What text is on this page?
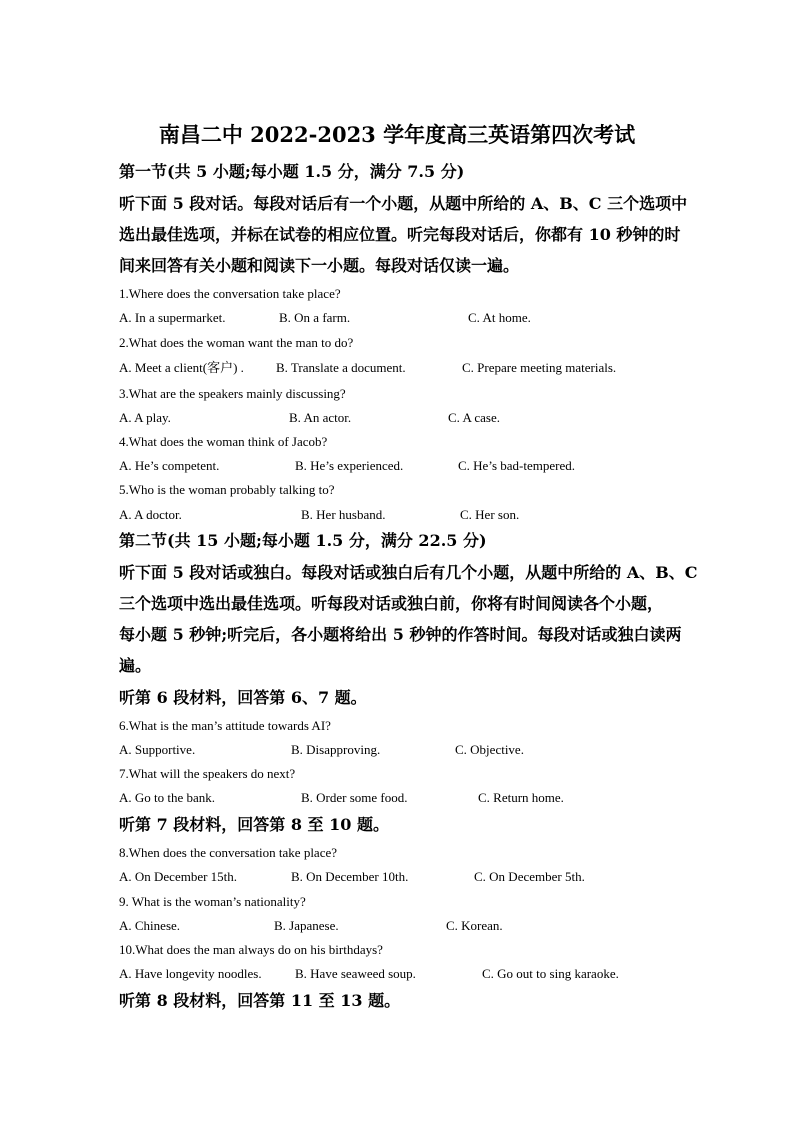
南昌二中 2022-2023 学年度高三英语第四次考试
第一节(共 5 小题;每小题 1.5 分，满分 7.5 分)
听下面 5 段对话。每段对话后有一个小题，从题中所给的 A、B、C 三个选项中
选出最佳选项，并标在试卷的相应位置。听完每段对话后，你都有 10 秒钟的时
间来回答有关小题和阅读下一小题。每段对话仅读一遍。
1.Where does the conversation take place?
A. In a supermarket.	B. On a farm.	C. At home.
2.What does the woman want the man to do?
A. Meet a client(客户) . B. Translate a document.	C. Prepare meeting materials.
3.What are the speakers mainly discussing?
A. A play.	B. An actor.	C. A case.
4.What does the woman think of Jacob?
A. He’s competent.	B. He’s experienced.	C. He’s bad-tempered.
5.Who is the woman probably talking to?
A. A doctor.	B. Her husband.	C. Her son.
第二节(共 15 小题;每小题 1.5 分，满分 22.5 分)
听下面 5 段对话或独白。每段对话或独白后有几个小题，从题中所给的 A、B、C
三个选项中选出最佳选项。听每段对话或独白前，你将有时间阅读各个小题，
每小题 5 秒钟;听完后，各小题将给出 5 秒钟的作答时间。每段对话或独白读两
遍。
听第 6 段材料，回答第 6、7 题。
6.What is the man’s attitude towards AI?
A. Supportive.	B. Disapproving.	C. Objective.
7.What will the speakers do next?
A. Go to the bank.	B. Order some food.	C. Return home.
听第 7 段材料，回答第 8 至 10 题。
8.When does the conversation take place?
A. On December 15th.	B. On December 10th.	C. On December 5th.
9. What is the woman’s nationality?
A. Chinese.	B. Japanese.	C. Korean.
10.What does the man always do on his birthdays?
A. Have longevity noodles.	B. Have seaweed soup.	C. Go out to sing karaoke.
听第 8 段材料，回答第 11 至 13 题。
